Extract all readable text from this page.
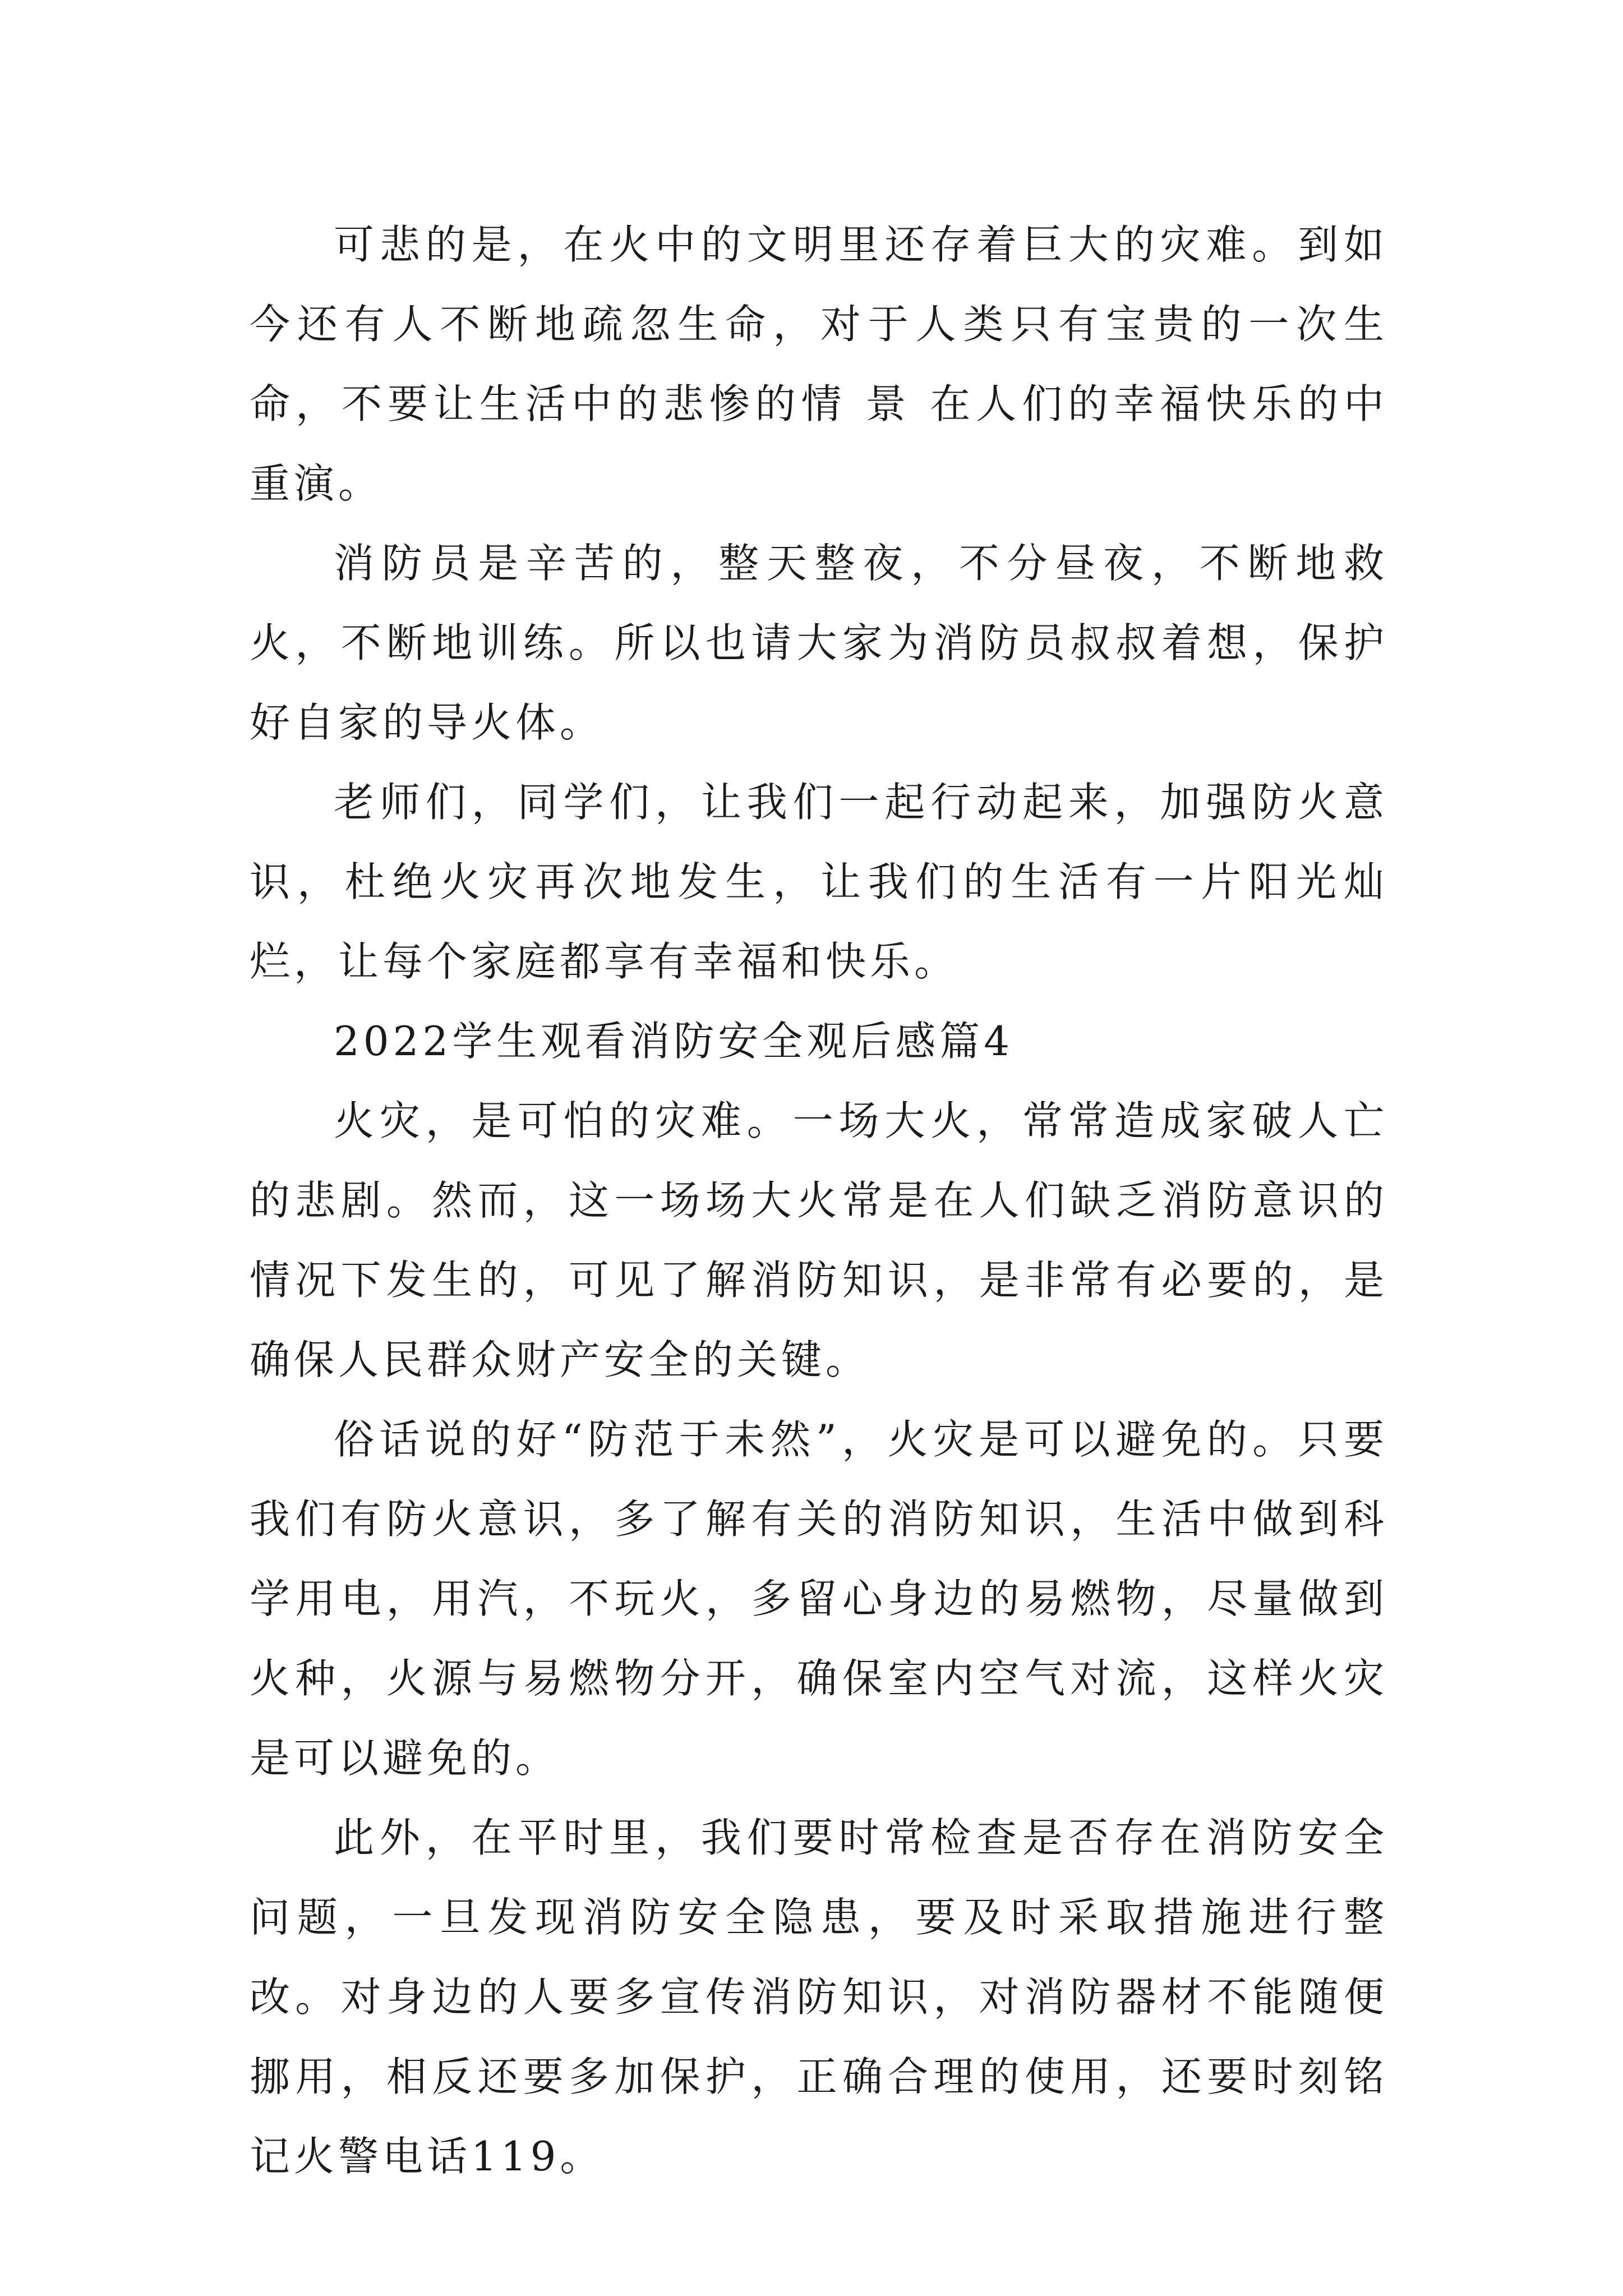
可悲的是，在火中的文明里还存着巨大的灾难。到如今还有人不断地疏忽生命，对于人类只有宝贵的一次生命，不要让生活中的悲惨的情 景 在人们的幸福快乐的中重演。

消防员是辛苦的，整天整夜，不分昼夜，不断地救火，不断地训练。所以也请大家为消防员叔叔着想，保护好自家的导火体。

老师们，同学们，让我们一起行动起来，加强防火意识，杜绝火灾再次地发生，让我们的生活有一片阳光灿烂，让每个家庭都享有幸福和快乐。

2022学生观看消防安全观后感篇4

火灾，是可怕的灾难。一场大火，常常造成家破人亡的悲剧。然而，这一场场大火常是在人们缺乏消防意识的情况下发生的，可见了解消防知识，是非常有必要的，是确保人民群众财产安全的关键。

俗话说的好“防范于未然”，火灾是可以避免的。只要我们有防火意识，多了解有关的消防知识，生活中做到科学用电，用汽，不玩火，多留心身边的易燃物，尽量做到火种，火源与易燃物分开，确保室内空气对流，这样火灾是可以避免的。

此外，在平时里，我们要时常检查是否存在消防安全问题，一旦发现消防安全隐患，要及时采取措施进行整改。对身边的人要多宣传消防知识，对消防器材不能随便挪用，相反还要多加保护，正确合理的使用，还要时刻铭记火警电话119。
